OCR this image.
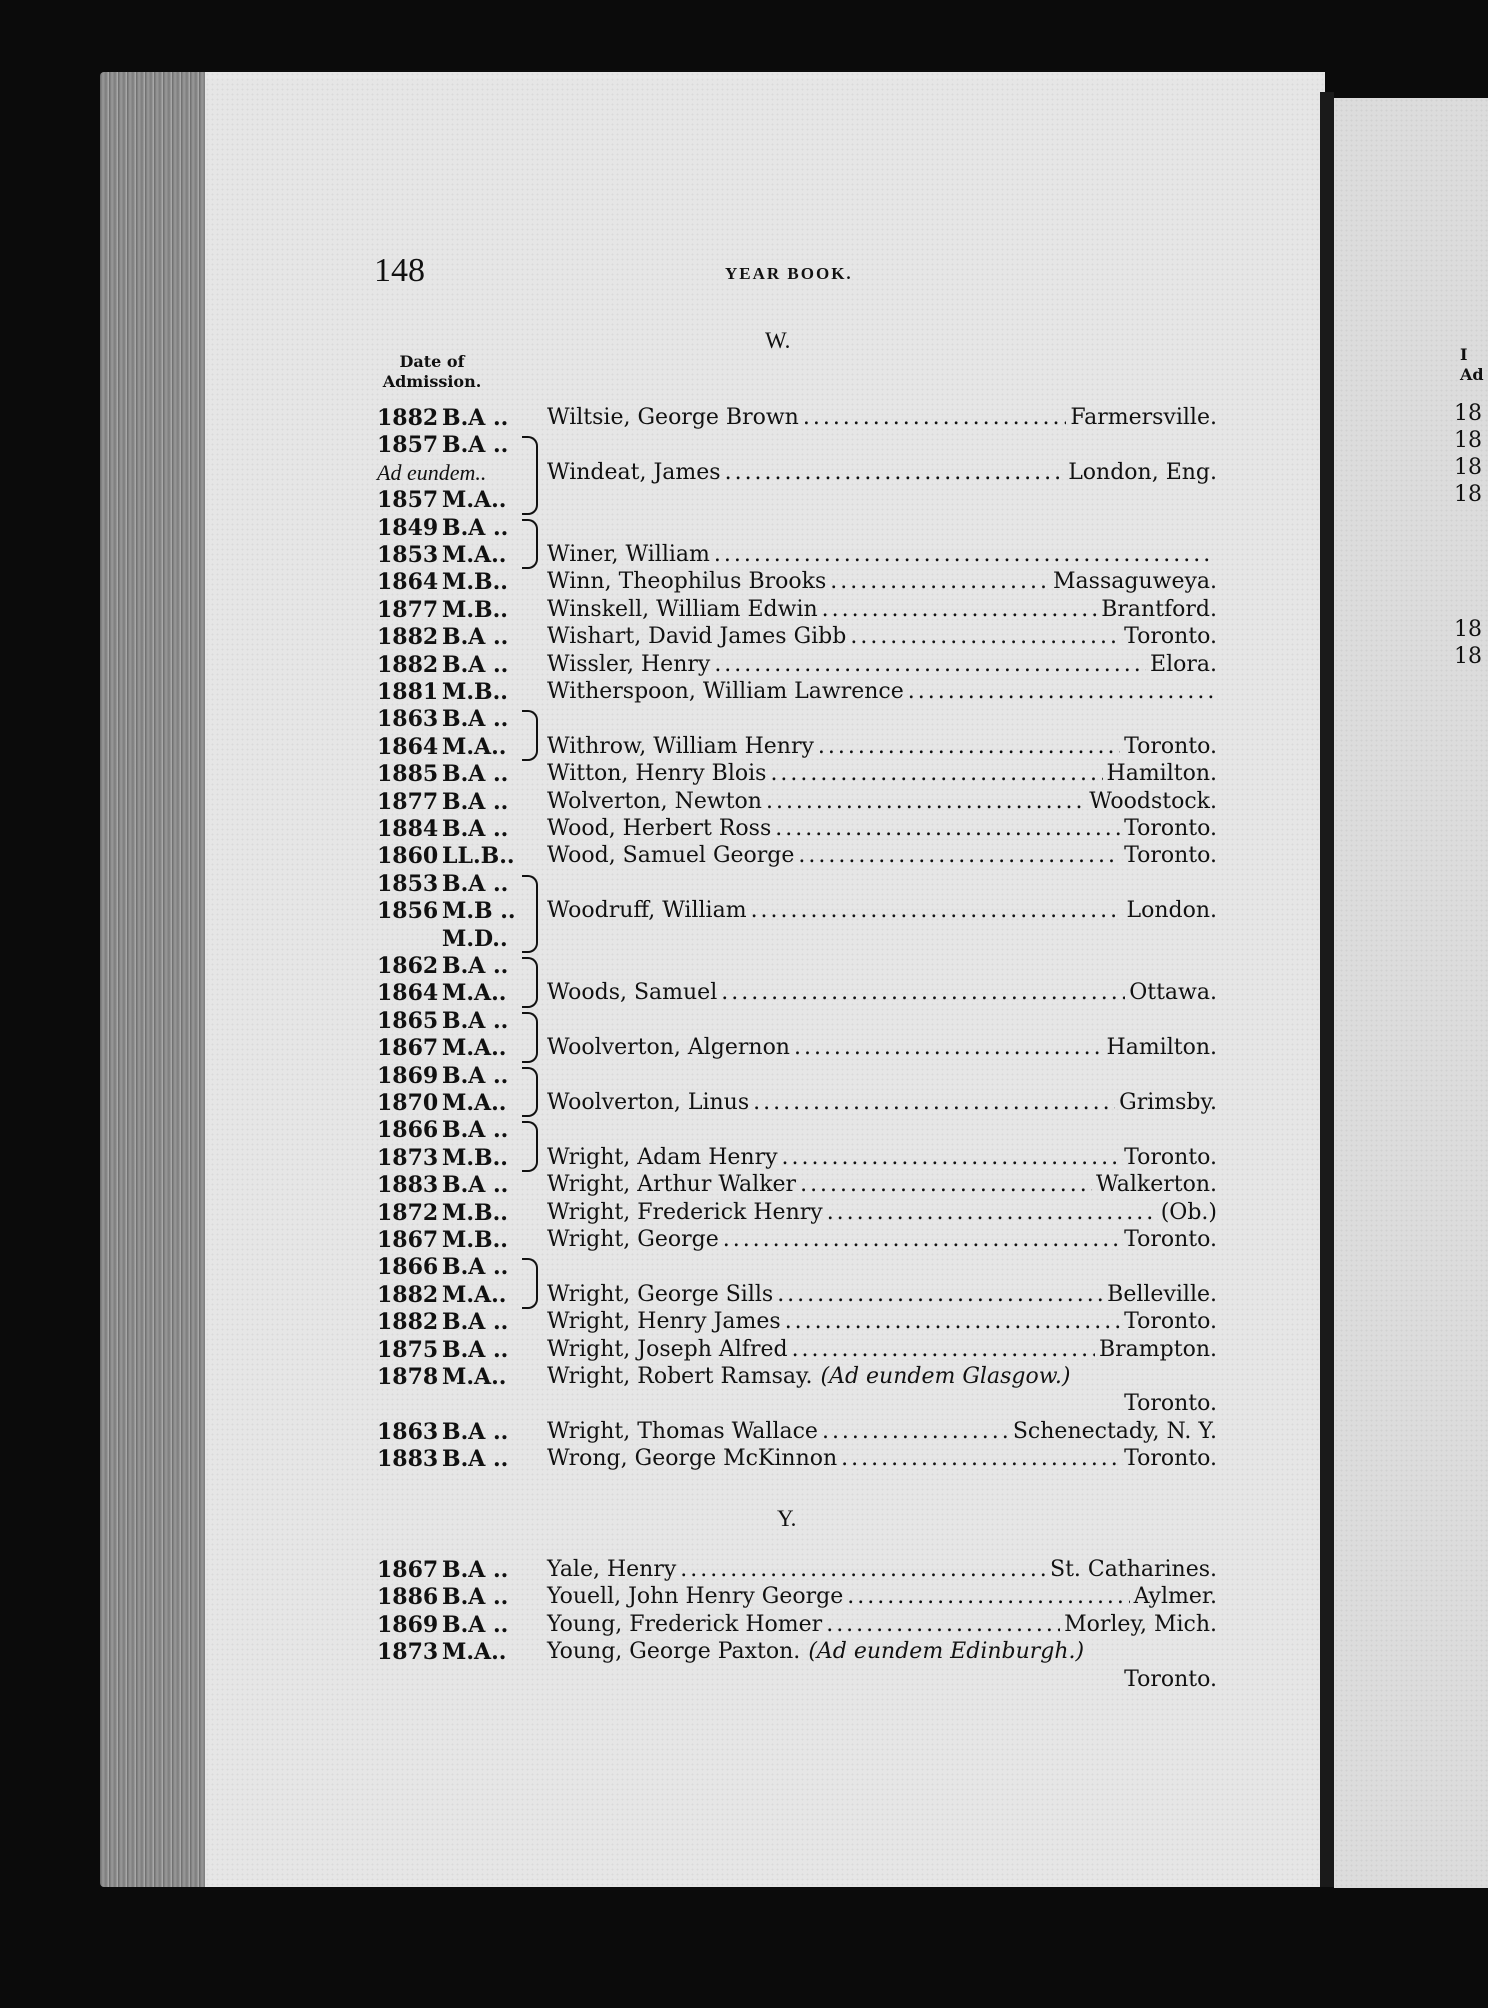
I
Ad
18
18
18
18
18
18
148	YEAR BOOK.
Date of
Admission.
W.
Y.
1882 B.A .. Wiltsie, George Brown . . .	Farmersville.
1857 B.A ..
Ad eundem..	Windeat, James . . .	London, Eng.
1857 M.A..
1849 B.A ..
1853 M.A.. Winer, William
. . .
1864 M.B.. Winn, Theophilus Brooks . . .	Massaguweya.
1877 M.B.. Winskell, William Edwin . . .	Brantford.
1882 B.A .. Wishart, David James Gibb . . .	Toronto.
1882 B.A .. Wissler, Henry . . .	Elora.
1881 M.B.. Witherspoon, William Lawrence
. . .
1863 B.A ..
1864 M.A.. Withrow, William Henry . . .	Toronto.
1885 B.A .. Witton, Henry Blois . . .	Hamilton.
1877 B.A .. Wolverton, Newton . . .	Woodstock.
1884 B.A .. Wood, Herbert Ross . . .	Toronto.
1860 LL.B.. Wood, Samuel George . . .	Toronto.
1853 B.A ..
1856 M.B .. Woodruff, William . . .	London.
M.D..
1862 B.A ..
1864 M.A.. Woods, Samuel . . .	Ottawa.
1865 B.A ..
1867 M.A.. Woolverton, Algernon . . .	Hamilton.
1869 B.A ..
1870 M.A.. Woolverton, Linus . . .	Grimsby.
1866 B.A ..
1873 M.B.. Wright, Adam Henry . . .	Toronto.
1883 B.A .. Wright, Arthur Walker . . .	Walkerton.
1872 M.B.. Wright, Frederick Henry . . .	(Ob.)
1867 M.B.. Wright, George . . .	Toronto.
1866 B.A ..
1882 M.A.. Wright, George Sills . . .	Belleville.
1882 B.A .. Wright, Henry James . . .	Toronto.
1875 B.A .. Wright, Joseph Alfred . . .	Brampton.
1878 M.A.. Wright, Robert Ramsay. (Ad eundem Glasgow.)
Toronto.
1863 B.A .. Wright, Thomas Wallace . . .	Schenectady, N. Y.
1883 B.A .. Wrong, George McKinnon . . .	Toronto.
1867 B.A .. Yale, Henry . . .	St. Catharines.
1886 B.A .. Youell, John Henry George . . .	Aylmer.
1869 B.A .. Young, Frederick Homer . . .	Morley, Mich.
1873 M.A.. Young, George Paxton. (Ad eundem Edinburgh.)
Toronto.
